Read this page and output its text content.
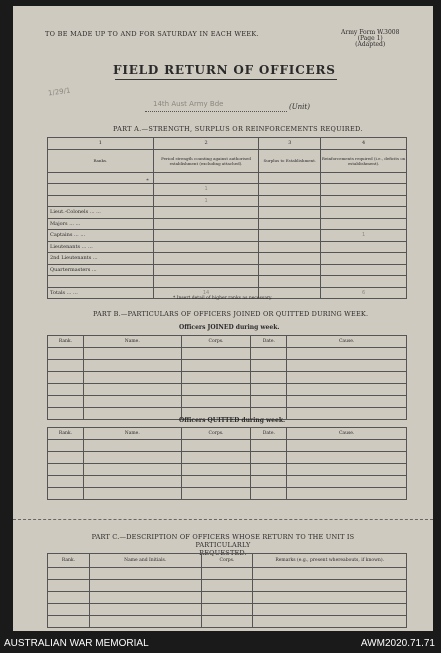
TO BE MADE UP TO AND FOR SATURDAY IN EACH WEEK.	Army Form W.3008
(Page 1)
(Adapted)
1/29/1
FIELD RETURN OF OFFICERS
14th Aust Army Bde	(Unit)
PART A.—STRENGTH, SURPLUS OR REINFORCEMENTS REQUIRED.
1	2	3	4
Ranks.	Period strength counting against authorised establishment (excluding attached).	Surplus to Establishment.	Reinforcements required (i.e., deficits on establishment).

*			

	1		

	1		
Lieut.-Colonels ... ...

Majors ... ...

Captains ... ...			1
Lieutenants ... ...

2nd Lieutenants ...

Quartermasters ...

Totals ... ...	14		6
* Insert detail of higher ranks as necessary.
PART B.—PARTICULARS OF OFFICERS JOINED OR QUITTED DURING WEEK.
Officers JOINED during week.
Rank.	Name.	Corps.	Date.	Cause.

Officers QUITTED during week.
Rank.	Name.	Corps.	Date.	Cause.

PART C.—DESCRIPTION OF OFFICERS WHOSE RETURN TO THE UNIT IS PARTICULARLY
REQUESTED.
Rank.	Name and Initials.	Corps.	Remarks (e.g., present whereabouts, if known).

AUSTRALIAN WAR MEMORIAL	AWM2020.71.71
